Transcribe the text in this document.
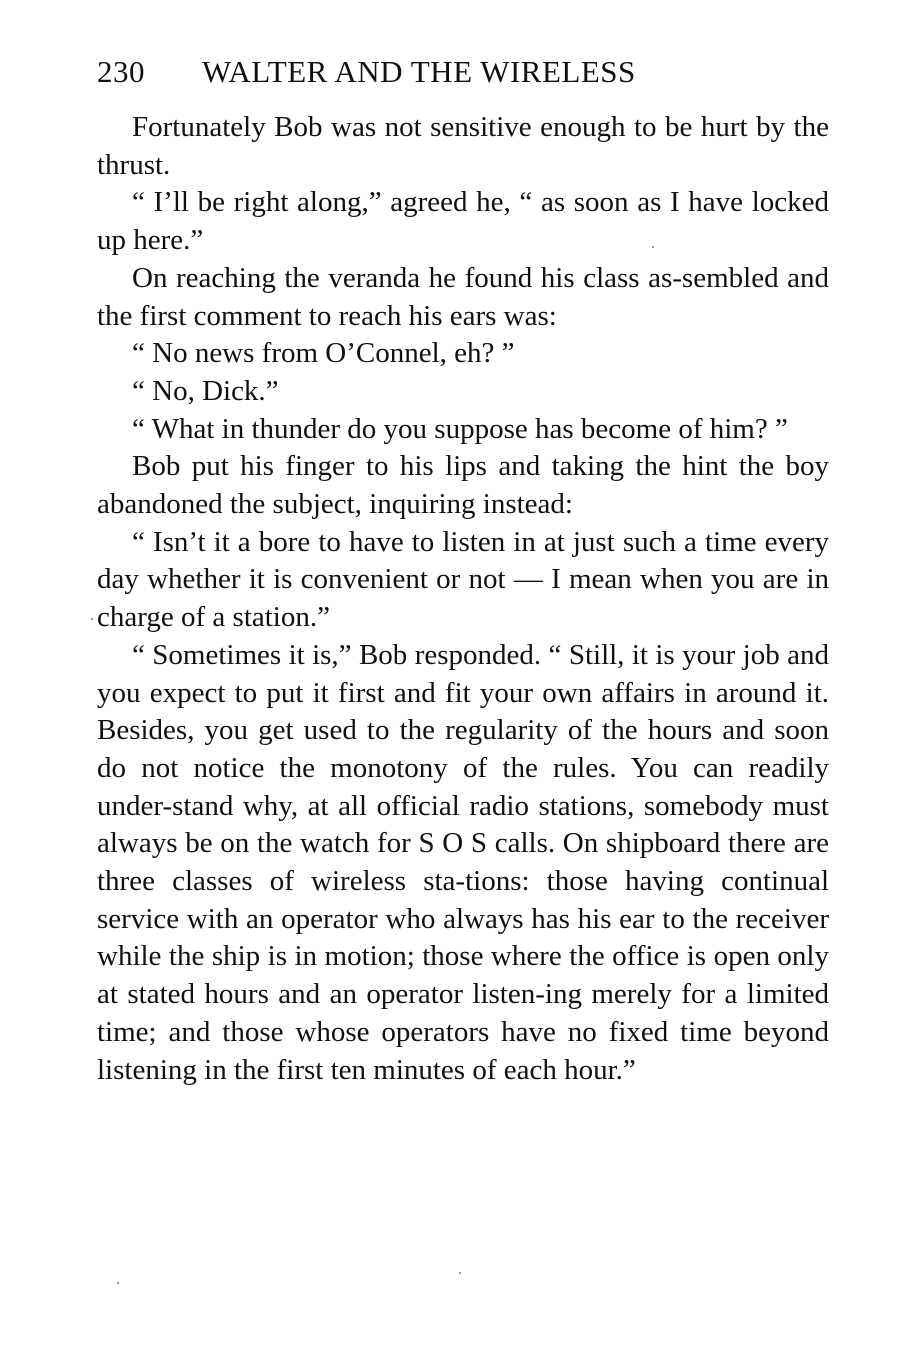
230 WALTER AND THE WIRELESS

Fortunately Bob was not sensitive enough to be hurt by the thrust.

“ I’ll be right along,” agreed he, “ as soon as I have locked up here.”

On reaching the veranda he found his class as-sembled and the first comment to reach his ears was:

“ No news from O’Connel, eh? ”

“ No, Dick.”

“ What in thunder do you suppose has become of him? ”

Bob put his finger to his lips and taking the hint the boy abandoned the subject, inquiring instead:

“ Isn’t it a bore to have to listen in at just such a time every day whether it is convenient or not — I mean when you are in charge of a station.”

“ Sometimes it is,” Bob responded. “ Still, it is your job and you expect to put it first and fit your own affairs in around it. Besides, you get used to the regularity of the hours and soon do not notice the monotony of the rules. You can readily under-stand why, at all official radio stations, somebody must always be on the watch for S O S calls. On shipboard there are three classes of wireless sta-tions: those having continual service with an operator who always has his ear to the receiver while the ship is in motion; those where the office is open only at stated hours and an operator listen-ing merely for a limited time; and those whose operators have no fixed time beyond listening in the first ten minutes of each hour.”
